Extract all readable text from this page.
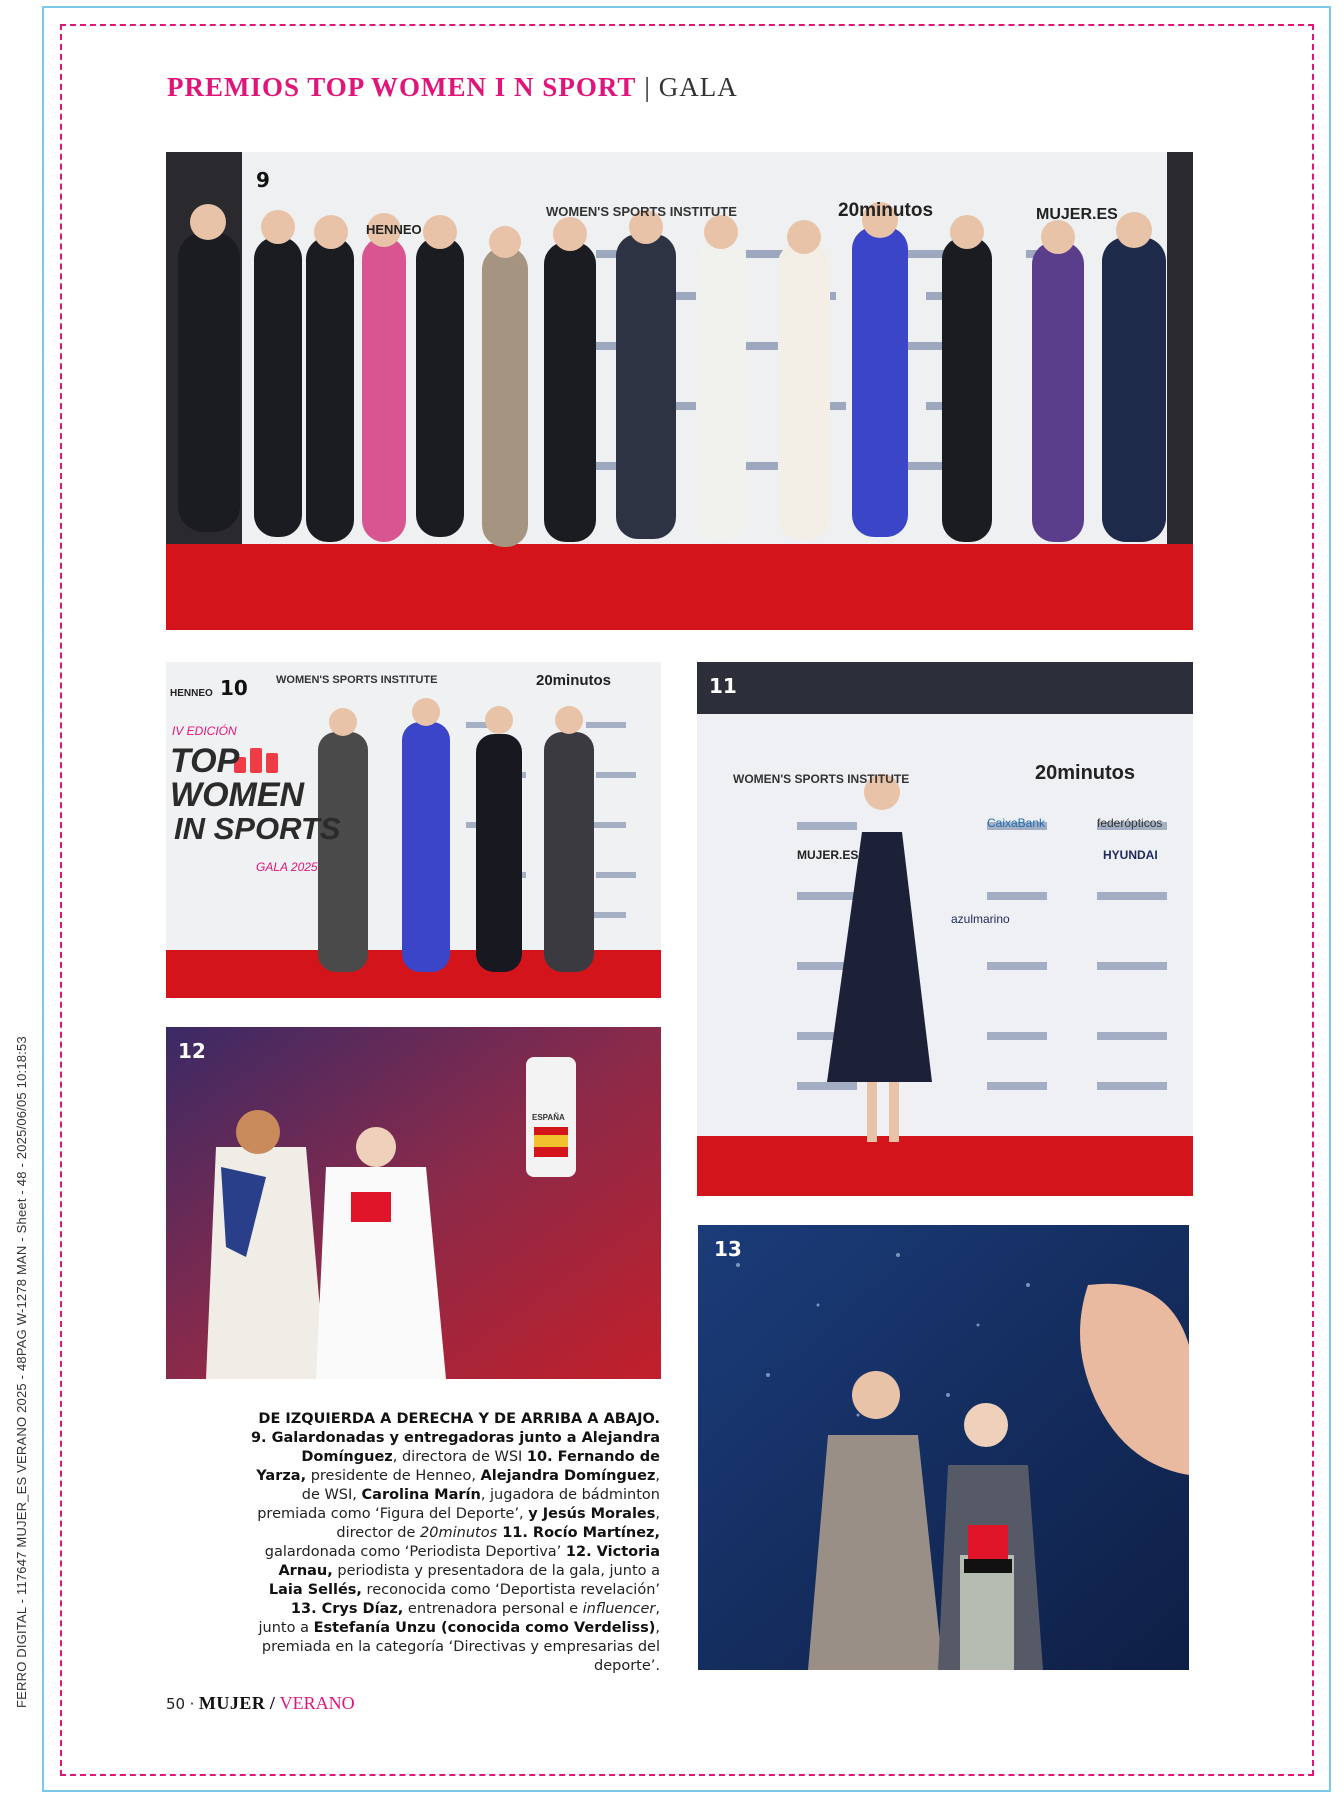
FERRO DIGITAL - 117647 MUJER_ES VERANO 2025 - 48PAG W-1278 MAN - Sheet - 48 - 2025/06/05 10:18:53
PREMIOS TOP WOMEN I N SPORT | GALA
9
HENNEO
WOMEN'S SPORTS INSTITUTE	20minutos	MUJER.ES
HENNEO 10	WOMEN'S SPORTS INSTITUTE	20minutos
IV EDICIÓN
TOP
WOMEN
IN SPORTS
GALA 2025
11
WOMEN'S SPORTS INSTITUTE	20minutos
CaixaBank	federópticos
HYUNDAI
azulmarino
MUJER.ES
12
ESPAÑA
13
DE IZQUIERDA A DERECHA Y DE ARRIBA A ABAJO. 9. Galardonadas y entregadoras junto a Alejandra Domínguez, directora de WSI 10. Fernando de Yarza, presidente de Henneo, Alejandra Domínguez, de WSI, Carolina Marín, jugadora de bádminton premiada como ‘Figura del Deporte’, y Jesús Morales, director de 20minutos 11. Rocío Martínez, galardonada como ‘Periodista Deportiva’ 12. Victoria Arnau, periodista y presentadora de la gala, junto a Laia Sellés, reconocida como ‘Deportista revelación’ 13. Crys Díaz, entrenadora personal e influencer, junto a Estefanía Unzu (conocida como Verdeliss), premiada en la categoría ‘Directivas y empresarias del deporte’.
50 · MUJER / VERANO
